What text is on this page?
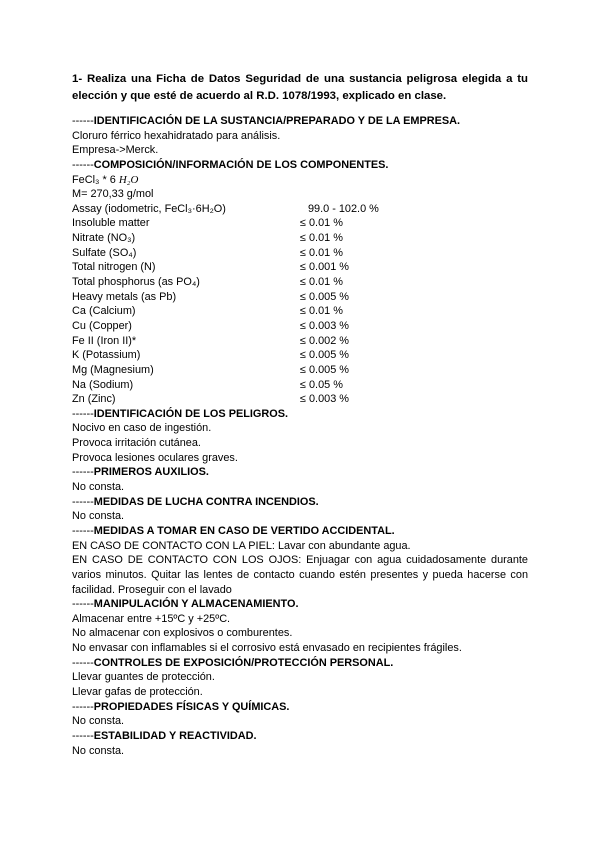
1- Realiza una Ficha de Datos Seguridad de una sustancia peligrosa elegida a tu elección y que esté de acuerdo al R.D. 1078/1993, explicado en clase.
------IDENTIFICACIÓN DE LA SUSTANCIA/PREPARADO Y DE LA EMPRESA.
Cloruro férrico hexahidratado para análisis.
Empresa->Merck.
------COMPOSICIÓN/INFORMACIÓN DE LOS COMPONENTES.
FeCl₃ * 6 H₂O
M= 270,33 g/mol
Assay (iodometric, FeCl₃·6H₂O)	99.0 - 102.0 %
Insoluble matter	≤ 0.01 %
Nitrate (NO₃)	≤ 0.01 %
Sulfate (SO₄)	≤ 0.01 %
Total nitrogen (N)	≤ 0.001 %
Total phosphorus (as PO₄)	≤ 0.01 %
Heavy metals (as Pb)	≤ 0.005 %
Ca (Calcium)	≤ 0.01 %
Cu (Copper)	≤ 0.003 %
Fe II (Iron II)*	≤ 0.002 %
K (Potassium)	≤ 0.005 %
Mg (Magnesium)	≤ 0.005 %
Na (Sodium)	≤ 0.05 %
Zn (Zinc)	≤ 0.003 %
------IDENTIFICACIÓN DE LOS PELIGROS.
Nocivo en caso de ingestión.
Provoca irritación cutánea.
Provoca lesiones oculares graves.
------PRIMEROS AUXILIOS.
No consta.
------MEDIDAS DE LUCHA CONTRA INCENDIOS.
No consta.
------MEDIDAS A TOMAR EN CASO DE VERTIDO ACCIDENTAL.
EN CASO DE CONTACTO CON LA PIEL: Lavar con abundante agua.
EN CASO DE CONTACTO CON LOS OJOS: Enjuagar con agua cuidadosamente durante varios minutos. Quitar las lentes de contacto cuando estén presentes y pueda hacerse con facilidad. Proseguir con el lavado
------MANIPULACIÓN Y ALMACENAMIENTO.
Almacenar entre +15ºC y +25ºC.
No almacenar con explosivos o comburentes.
No envasar con inflamables si el corrosivo está envasado en recipientes frágiles.
------CONTROLES DE EXPOSICIÓN/PROTECCIÓN PERSONAL.
Llevar guantes de protección.
Llevar gafas de protección.
------PROPIEDADES FÍSICAS Y QUÍMICAS.
No consta.
------ESTABILIDAD Y REACTIVIDAD.
No consta.
